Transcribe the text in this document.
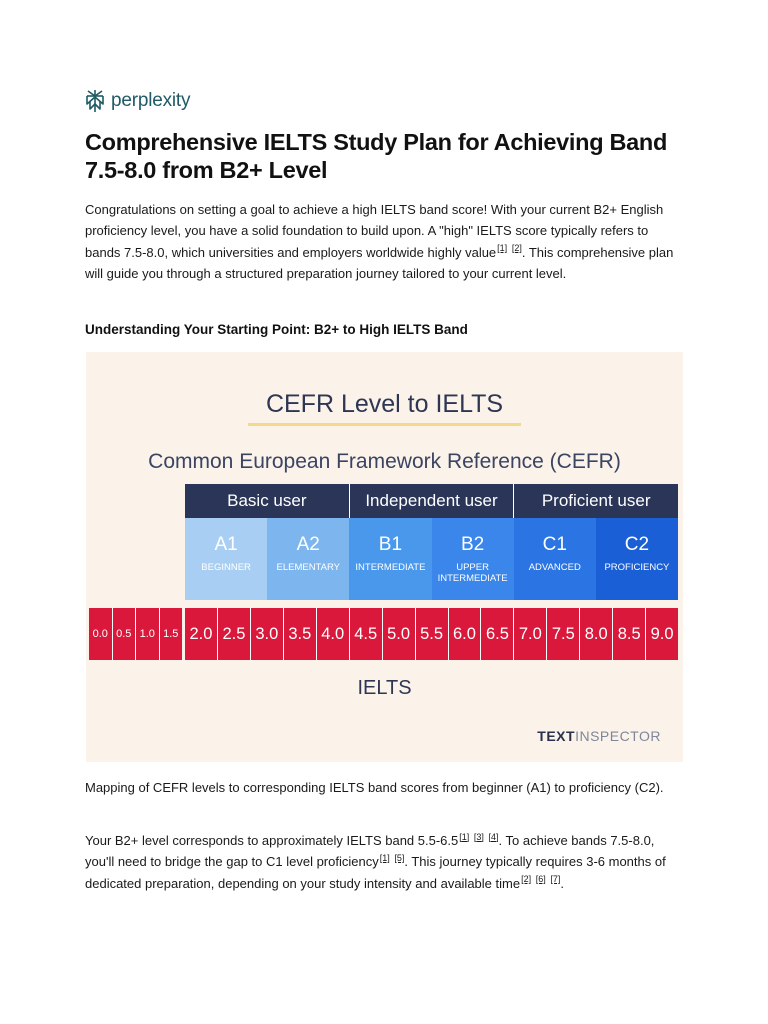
perplexity
Comprehensive IELTS Study Plan for Achieving Band 7.5-8.0 from B2+ Level

Congratulations on setting a goal to achieve a high IELTS band score! With your current B2+ English proficiency level, you have a solid foundation to build upon. A "high" IELTS score typically refers to bands 7.5-8.0, which universities and employers worldwide highly value[1] [2]. This comprehensive plan will guide you through a structured preparation journey tailored to your current level.

Understanding Your Starting Point: B2+ to High IELTS Band
CEFR Level to IELTS
Common European Framework Reference (CEFR)
Basic user	Independent user	Proficient user
A1
BEGINNER
A2
ELEMENTARY
B1
INTERMEDIATE
B2
UPPER INTERMEDIATE
C1
ADVANCED
C2
PROFICIENCY
0.0 0.5 1.0 1.5 2.0 2.5 3.0 3.5 4.0 4.5 5.0 5.5 6.0 6.5 7.0 7.5 8.0 8.5 9.0
IELTS
TEXTINSPECTOR

Mapping of CEFR levels to corresponding IELTS band scores from beginner (A1) to proficiency (C2).

Your B2+ level corresponds to approximately IELTS band 5.5-6.5[1] [3] [4]. To achieve bands 7.5-8.0, you'll need to bridge the gap to C1 level proficiency[1] [5]. This journey typically requires 3-6 months of dedicated preparation, depending on your study intensity and available time[2] [6] [7].
